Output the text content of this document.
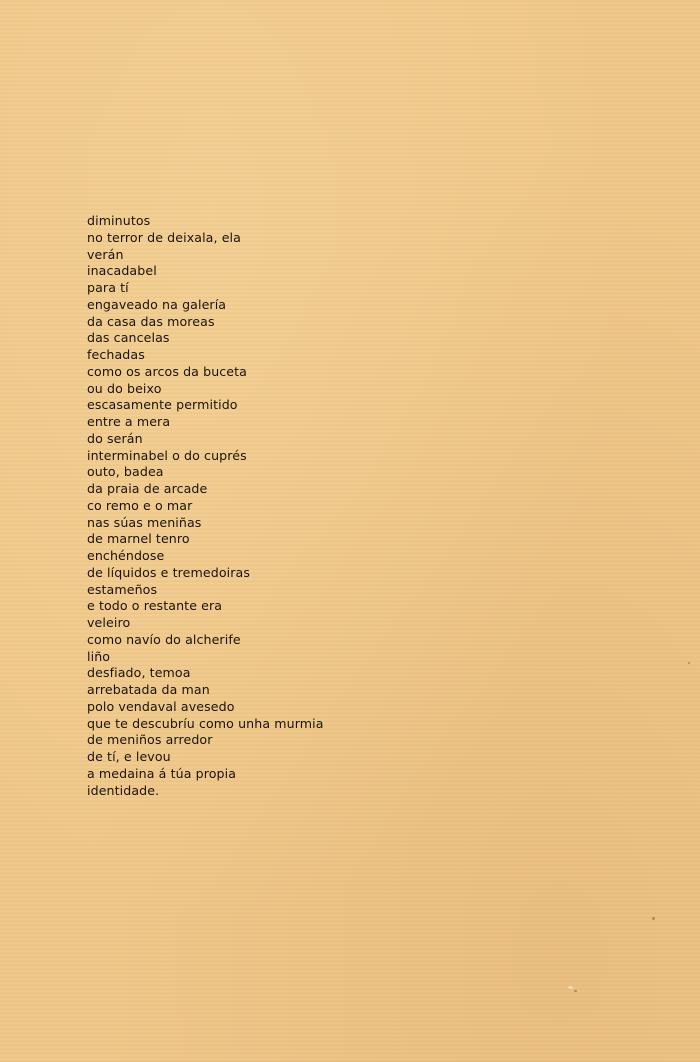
diminutos
no terror de deixala, ela
verán
inacadabel
para tí
engaveado na galería
da casa das moreas
das cancelas
fechadas
como os arcos da buceta
ou do beixo
escasamente permitido
entre a mera
do serán
interminabel o do cuprés
outo, badea
da praia de arcade
co remo e o mar
nas súas meniñas
de marnel tenro
enchéndose
de líquidos e tremedoiras
estameños
e todo o restante era
veleiro
como navío do alcherife
liño
desfiado, temoa
arrebatada da man
polo vendaval avesedo
que te descubríu como unha murmia
de meniños arredor
de tí, e levou
a medaina á túa propia
identidade.
